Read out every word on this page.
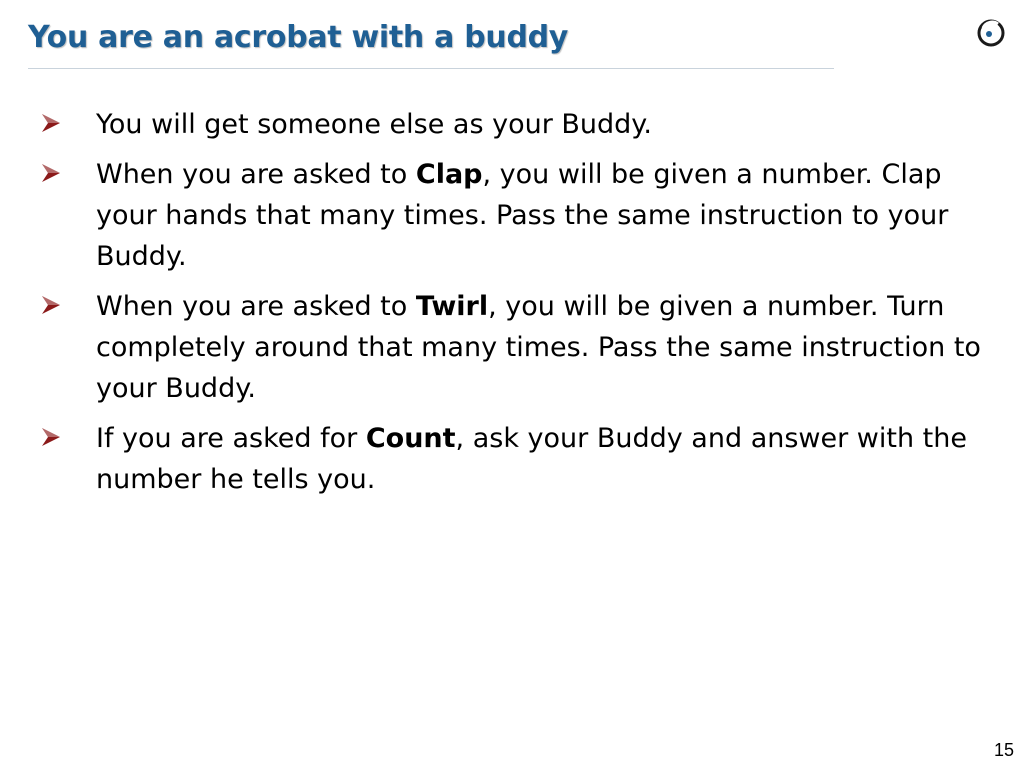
You are an acrobat with a buddy
You will get someone else as your Buddy.
When you are asked to Clap, you will be given a number. Clap your hands that many times. Pass the same instruction to your Buddy.
When you are asked to Twirl, you will be given a number. Turn completely around that many times. Pass the same instruction to your Buddy.
If you are asked for Count, ask your Buddy and answer with the number he tells you.
15
